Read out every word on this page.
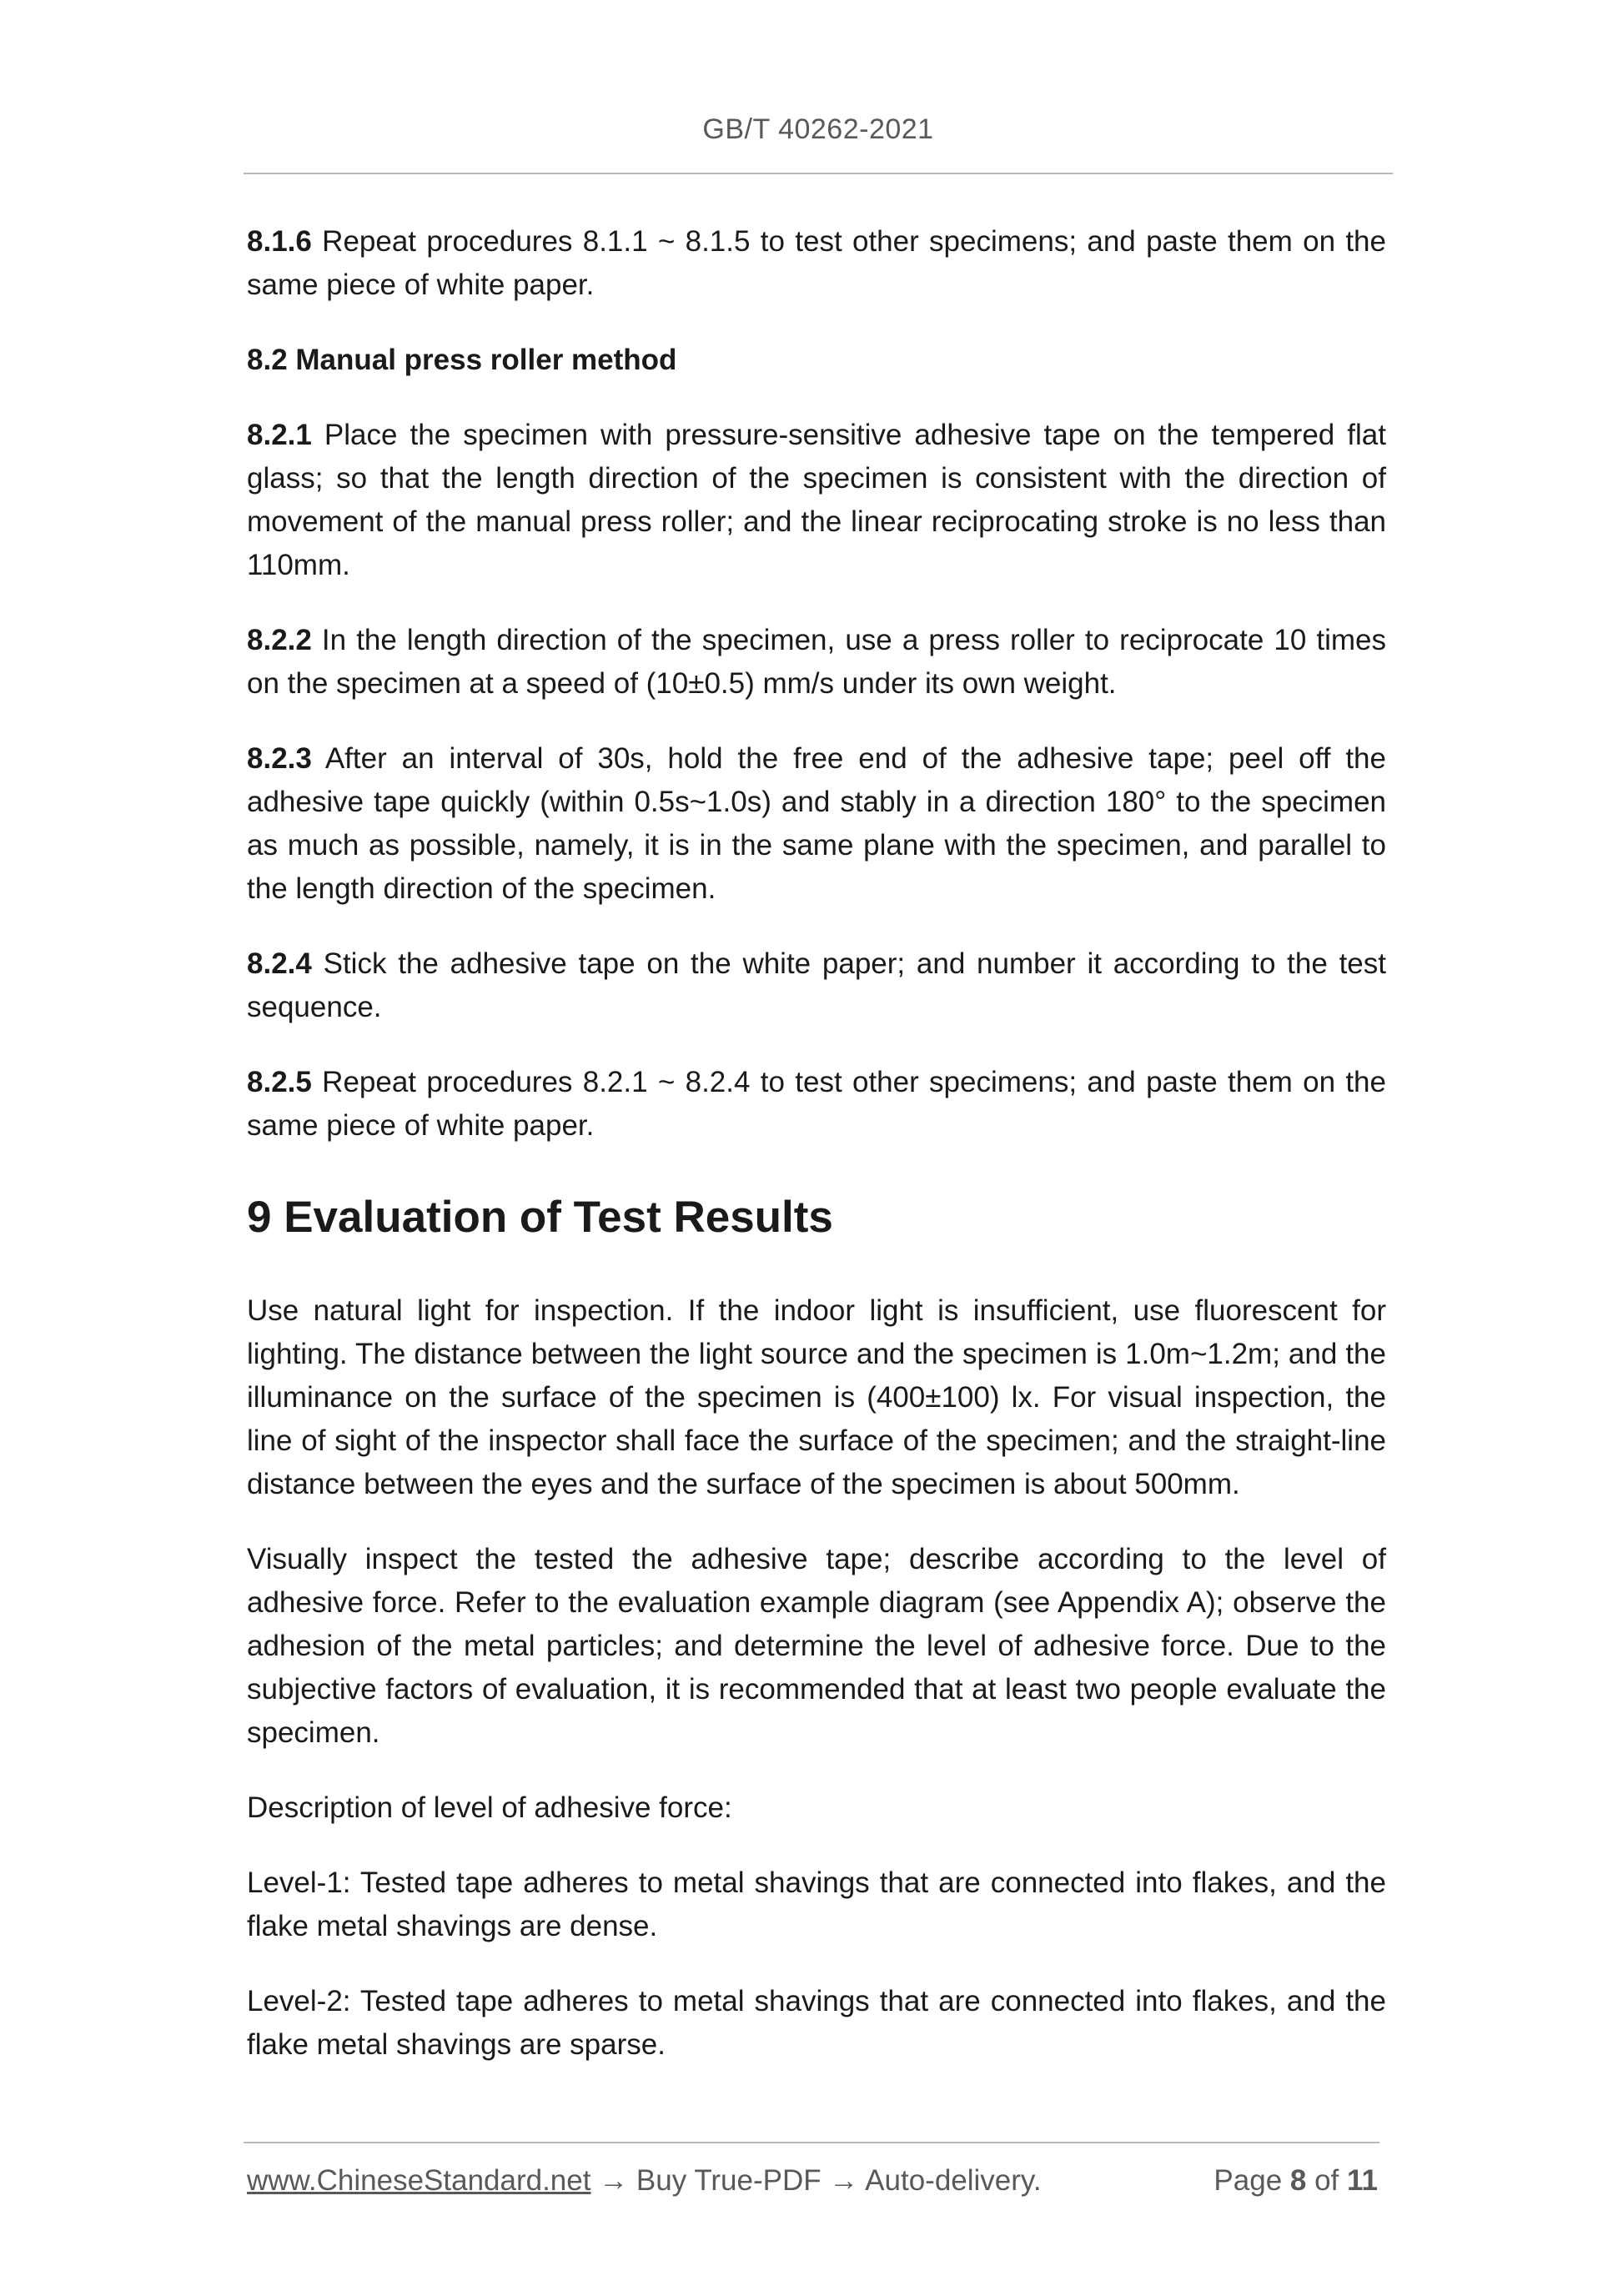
GB/T 40262-2021

8.1.6 Repeat procedures 8.1.1 ~ 8.1.5 to test other specimens; and paste them on the same piece of white paper.

8.2 Manual press roller method

8.2.1 Place the specimen with pressure-sensitive adhesive tape on the tempered flat glass; so that the length direction of the specimen is consistent with the direction of movement of the manual press roller; and the linear reciprocating stroke is no less than 110mm.

8.2.2 In the length direction of the specimen, use a press roller to reciprocate 10 times on the specimen at a speed of (10±0.5) mm/s under its own weight.

8.2.3 After an interval of 30s, hold the free end of the adhesive tape; peel off the adhesive tape quickly (within 0.5s~1.0s) and stably in a direction 180° to the specimen as much as possible, namely, it is in the same plane with the specimen, and parallel to the length direction of the specimen.

8.2.4 Stick the adhesive tape on the white paper; and number it according to the test sequence.

8.2.5 Repeat procedures 8.2.1 ~ 8.2.4 to test other specimens; and paste them on the same piece of white paper.

9 Evaluation of Test Results

Use natural light for inspection. If the indoor light is insufficient, use fluorescent for lighting. The distance between the light source and the specimen is 1.0m~1.2m; and the illuminance on the surface of the specimen is (400±100) lx. For visual inspection, the line of sight of the inspector shall face the surface of the specimen; and the straight-line distance between the eyes and the surface of the specimen is about 500mm.

Visually inspect the tested the adhesive tape; describe according to the level of adhesive force. Refer to the evaluation example diagram (see Appendix A); observe the adhesion of the metal particles; and determine the level of adhesive force. Due to the subjective factors of evaluation, it is recommended that at least two people evaluate the specimen.

Description of level of adhesive force:

Level-1: Tested tape adheres to metal shavings that are connected into flakes, and the flake metal shavings are dense.

Level-2: Tested tape adheres to metal shavings that are connected into flakes, and the flake metal shavings are sparse.

www.ChineseStandard.net → Buy True-PDF → Auto-delivery.	Page 8 of 11
